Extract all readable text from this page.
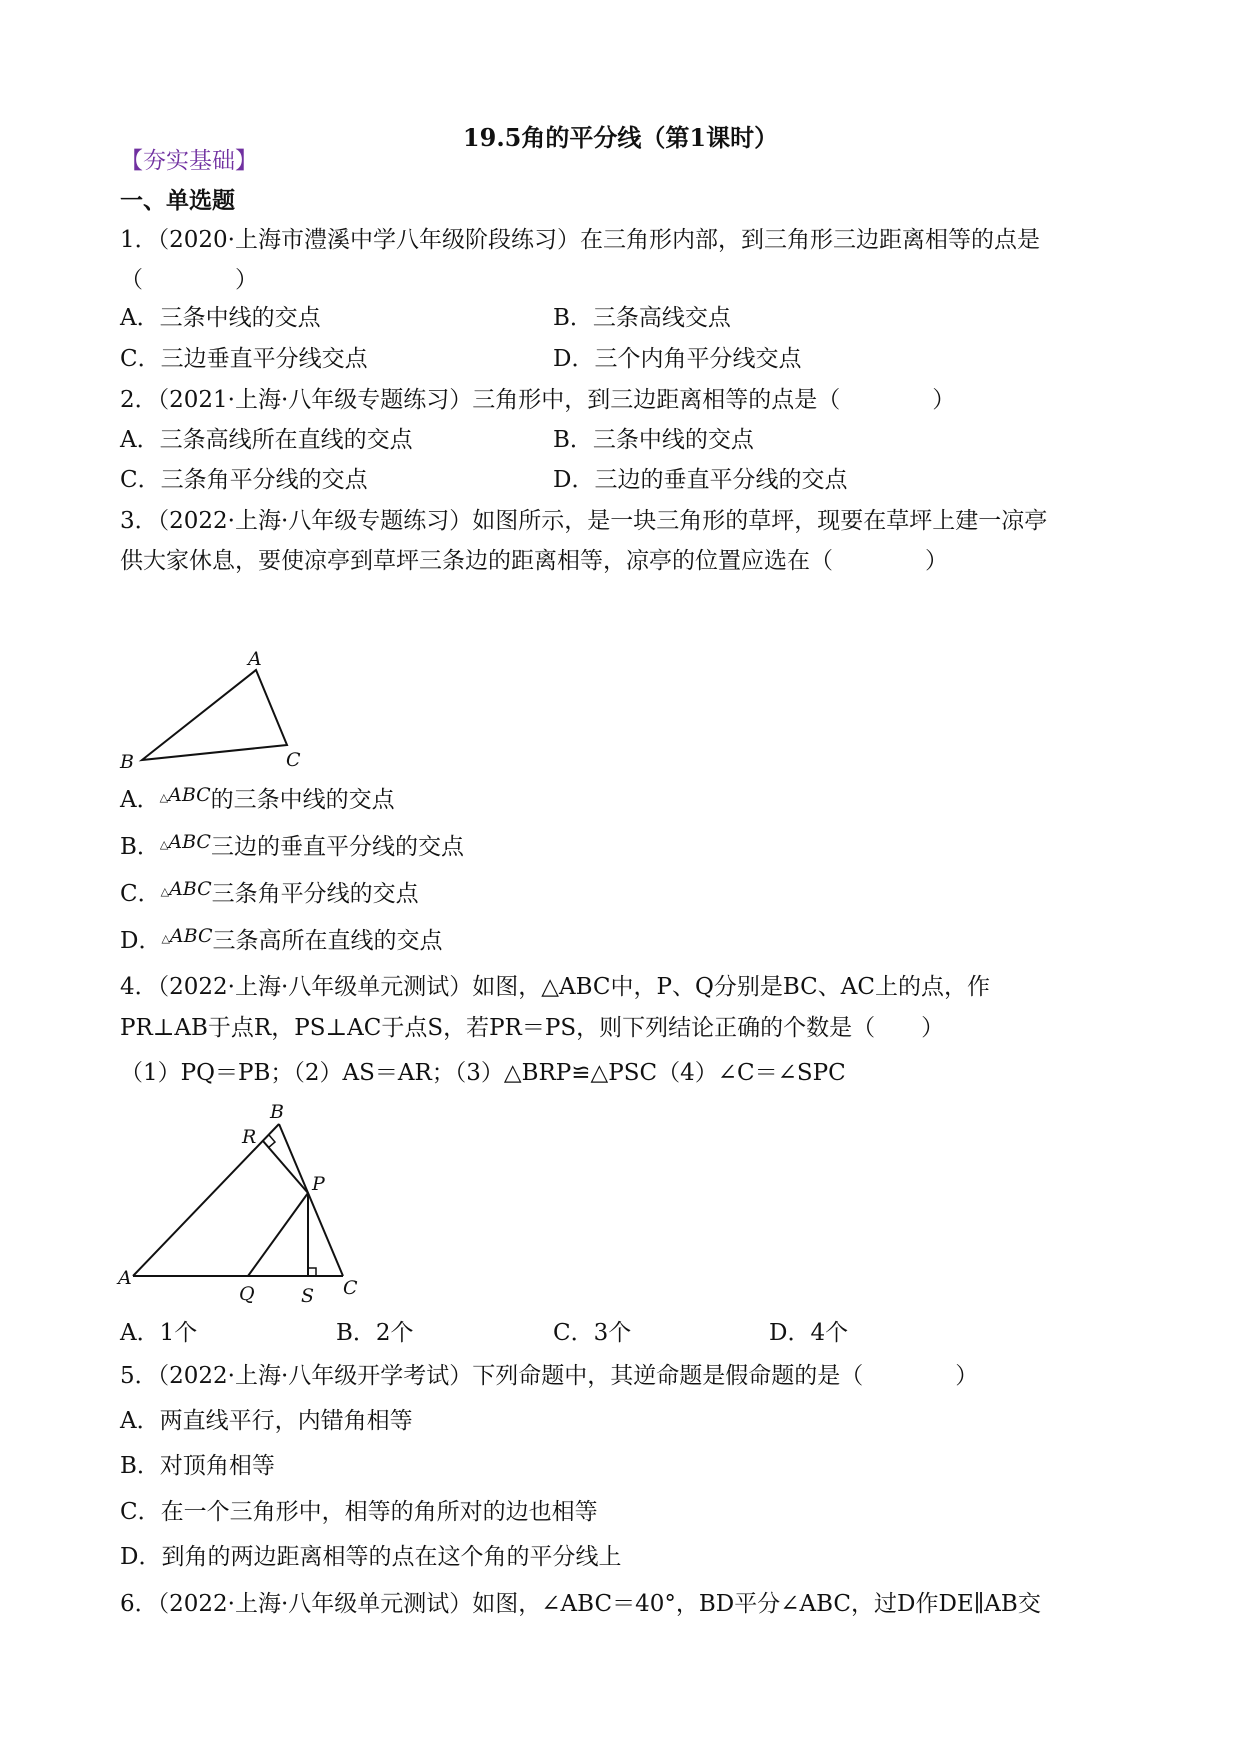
19.5角的平分线（第1课时）
【夯实基础】
一、单选题
1．（2020·上海市澧溪中学八年级阶段练习）在三角形内部，到三角形三边距离相等的点是
（　　　　）
A．三条中线的交点	B．三条高线交点
C．三边垂直平分线交点	D．三个内角平分线交点
2．（2021·上海·八年级专题练习）三角形中，到三边距离相等的点是（　　　　）
A．三条高线所在直线的交点	B．三条中线的交点
C．三条角平分线的交点	D．三边的垂直平分线的交点
3．（2022·上海·八年级专题练习）如图所示，是一块三角形的草坪，现要在草坪上建一凉亭
供大家休息，要使凉亭到草坪三条边的距离相等，凉亭的位置应选在（　　　　）
A
B	C
A．$^{\triangle ABC}$的三条中线的交点
B．$^{\triangle ABC}$三边的垂直平分线的交点
C．$^{\triangle ABC}$三条角平分线的交点
D．$^{\triangle ABC}$三条高所在直线的交点
4．（2022·上海·八年级单元测试）如图，△ABC中，P、Q分别是BC、AC上的点，作
PR⊥AB于点R，PS⊥AC于点S，若PR＝PS，则下列结论正确的个数是（　　）
（1）PQ＝PB；（2）AS＝AR；（3）△BRP≌△PSC（4）∠C＝∠SPC
B
R
P
A
Q S C
A．1个	B．2个	C．3个	D．4个
5．（2022·上海·八年级开学考试）下列命题中，其逆命题是假命题的是（　　　　）
A．两直线平行，内错角相等
B．对顶角相等
C．在一个三角形中，相等的角所对的边也相等
D．到角的两边距离相等的点在这个角的平分线上
6．（2022·上海·八年级单元测试）如图，∠ABC＝40°，BD平分∠ABC，过D作DE∥AB交
